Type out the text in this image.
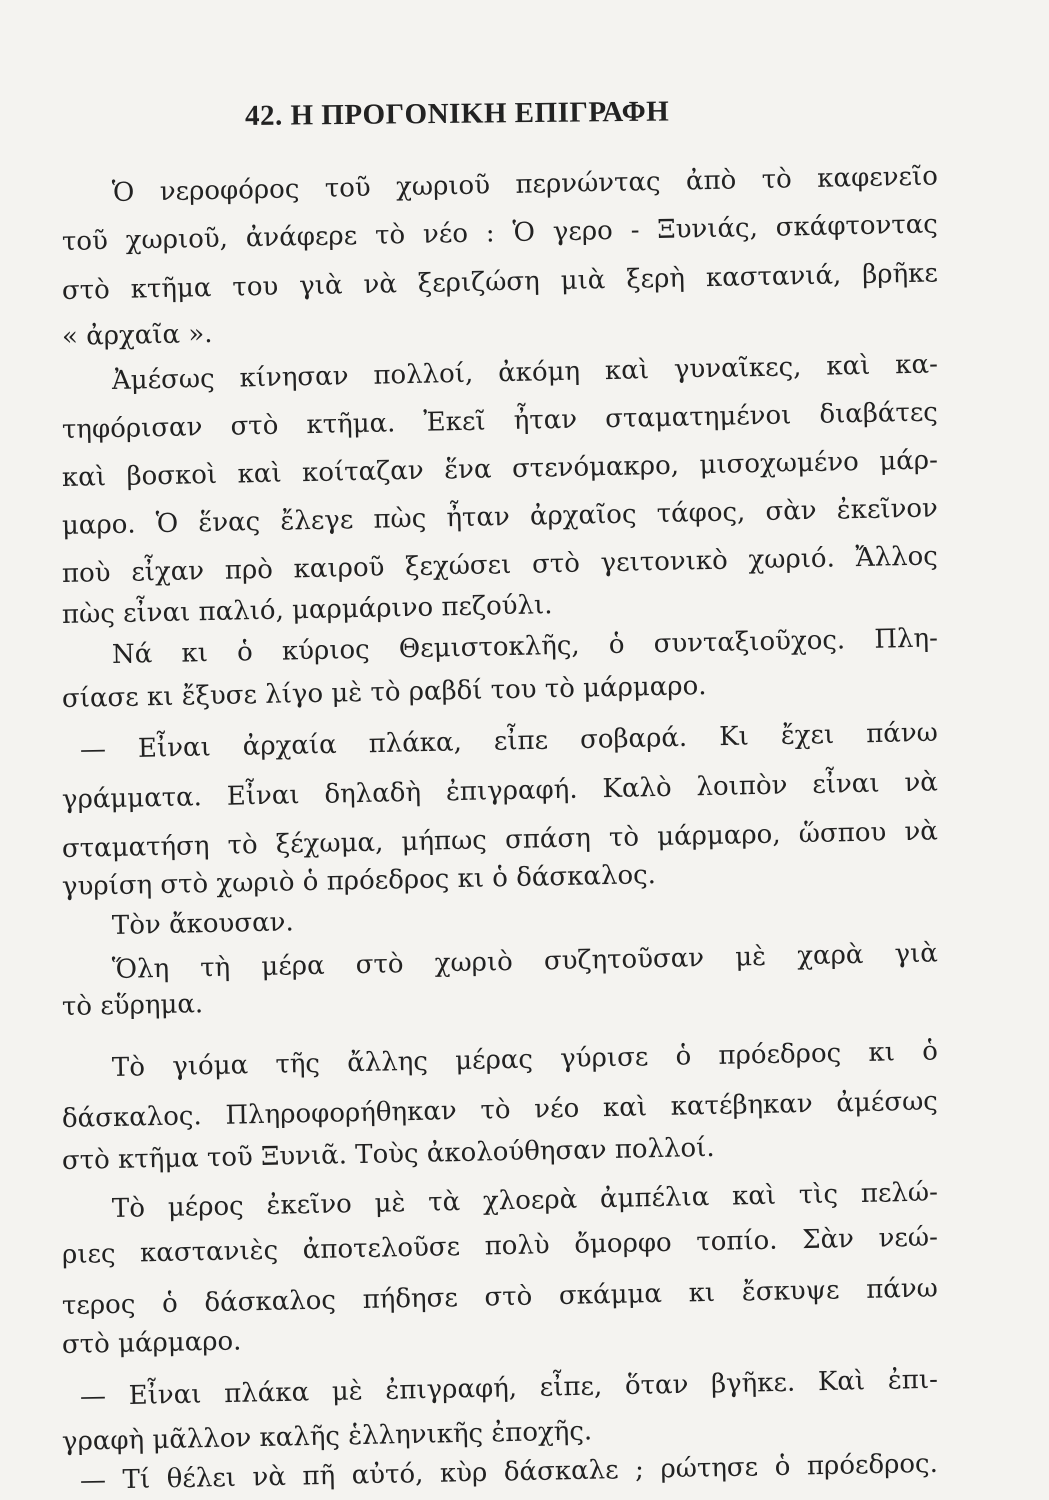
42. Η ΠΡΟΓΟΝΙΚΗ ΕΠΙΓΡΑΦΗ
Ὁ νεροφόρος τοῦ χωριοῦ περνώντας ἀπὸ τὸ καφενεῖο
τοῦ χωριοῦ, ἀνάφερε τὸ νέο : Ὁ γερο - Ξυνιάς, σκάφτοντας
στὸ κτῆμα του γιὰ νὰ ξεριζώση μιὰ ξερὴ καστανιά, βρῆκε
« ἀρχαῖα ».
Ἀμέσως κίνησαν πολλοί, ἀκόμη καὶ γυναῖκες, καὶ κα-
τηφόρισαν στὸ κτῆμα. Ἐκεῖ ἦταν σταματημένοι διαβάτες
καὶ βοσκοὶ καὶ κοίταζαν ἕνα στενόμακρο, μισοχωμένο μάρ-
μαρο. Ὁ ἕνας ἔλεγε πὼς ἦταν ἀρχαῖος τάφος, σὰν ἐκεῖνον
ποὺ εἶχαν πρὸ καιροῦ ξεχώσει στὸ γειτονικὸ χωριό. Ἄλλος
πὼς εἶναι παλιό, μαρμάρινο πεζούλι.
Νά κι ὁ κύριος Θεμιστοκλῆς, ὁ συνταξιοῦχος. Πλη-
σίασε κι ἔξυσε λίγο μὲ τὸ ραβδί του τὸ μάρμαρο.
— Εἶναι ἀρχαία πλάκα, εἶπε σοβαρά. Κι ἔχει πάνω
γράμματα. Εἶναι δηλαδὴ ἐπιγραφή. Καλὸ λοιπὸν εἶναι νὰ
σταματήση τὸ ξέχωμα, μήπως σπάση τὸ μάρμαρο, ὥσπου νὰ
γυρίση στὸ χωριὸ ὁ πρόεδρος κι ὁ δάσκαλος.
Τὸν ἄκουσαν.
Ὅλη τὴ μέρα στὸ χωριὸ συζητοῦσαν μὲ χαρὰ γιὰ
τὸ εὕρημα.
Τὸ γιόμα τῆς ἄλλης μέρας γύρισε ὁ πρόεδρος κι ὁ
δάσκαλος. Πληροφορήθηκαν τὸ νέο καὶ κατέβηκαν ἀμέσως
στὸ κτῆμα τοῦ Ξυνιᾶ. Τοὺς ἀκολούθησαν πολλοί.
Τὸ μέρος ἐκεῖνο μὲ τὰ χλοερὰ ἀμπέλια καὶ τὶς πελώ-
ριες καστανιὲς ἀποτελοῦσε πολὺ ὄμορφο τοπίο. Σὰν νεώ-
τερος ὁ δάσκαλος πήδησε στὸ σκάμμα κι ἔσκυψε πάνω
στὸ μάρμαρο.
— Εἶναι πλάκα μὲ ἐπιγραφή, εἶπε, ὅταν βγῆκε. Καὶ ἐπι-
γραφὴ μᾶλλον καλῆς ἑλληνικῆς ἐποχῆς.
— Τί θέλει νὰ πῆ αὐτό, κὺρ δάσκαλε ; ρώτησε ὁ πρόεδρος.
